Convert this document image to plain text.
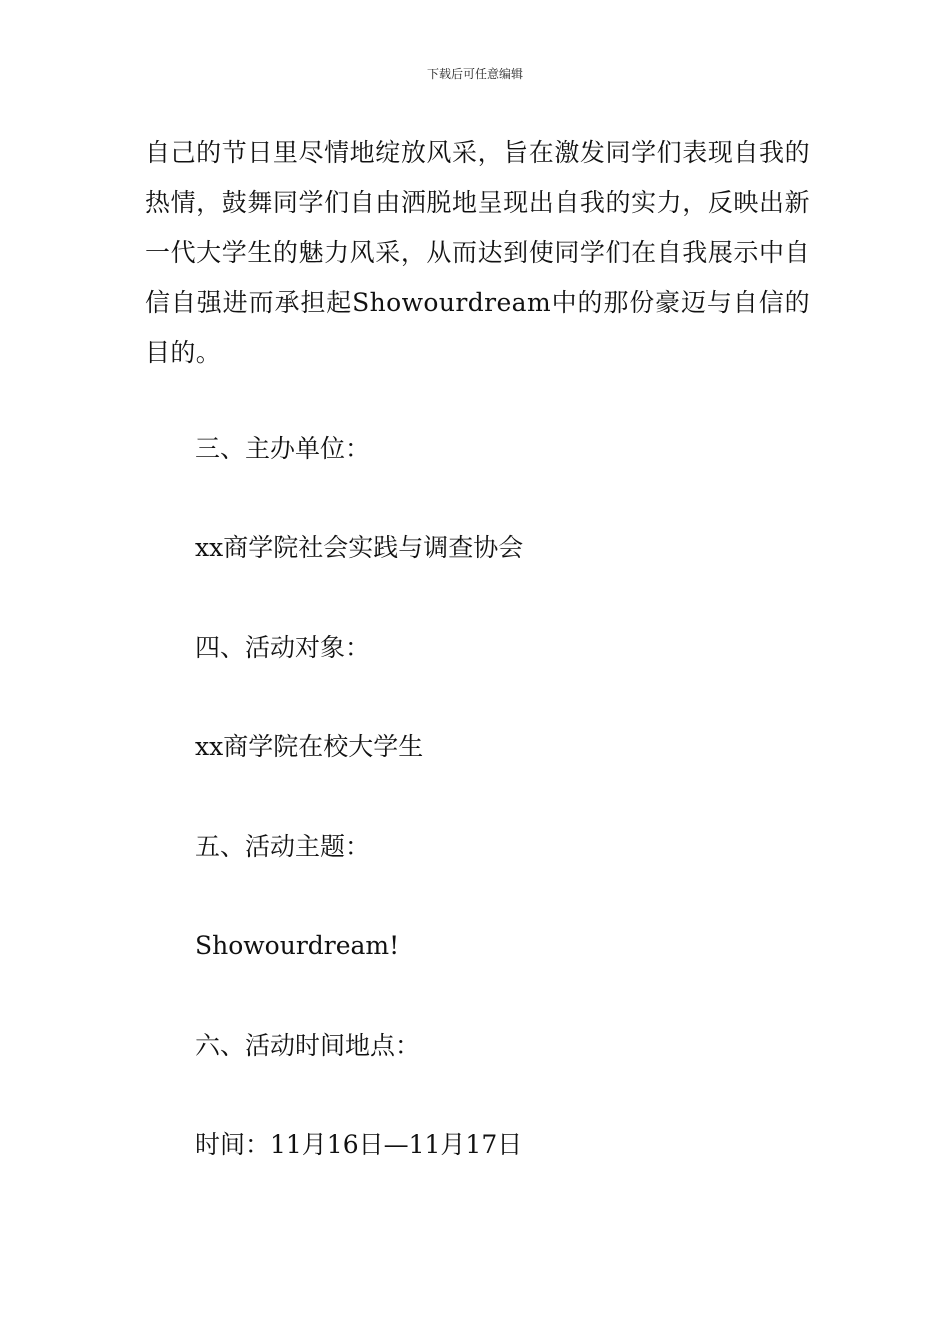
下载后可任意编辑

自己的节日里尽情地绽放风采，旨在激发同学们表现自我的热情，鼓舞同学们自由洒脱地呈现出自我的实力，反映出新一代大学生的魅力风采，从而达到使同学们在自我展示中自信自强进而承担起Showourdream中的那份豪迈与自信的目的。

三、主办单位：

xx商学院社会实践与调查协会

四、活动对象：

xx商学院在校大学生

五、活动主题：

Showourdream!

六、活动时间地点：

时间：11月16日—11月17日
